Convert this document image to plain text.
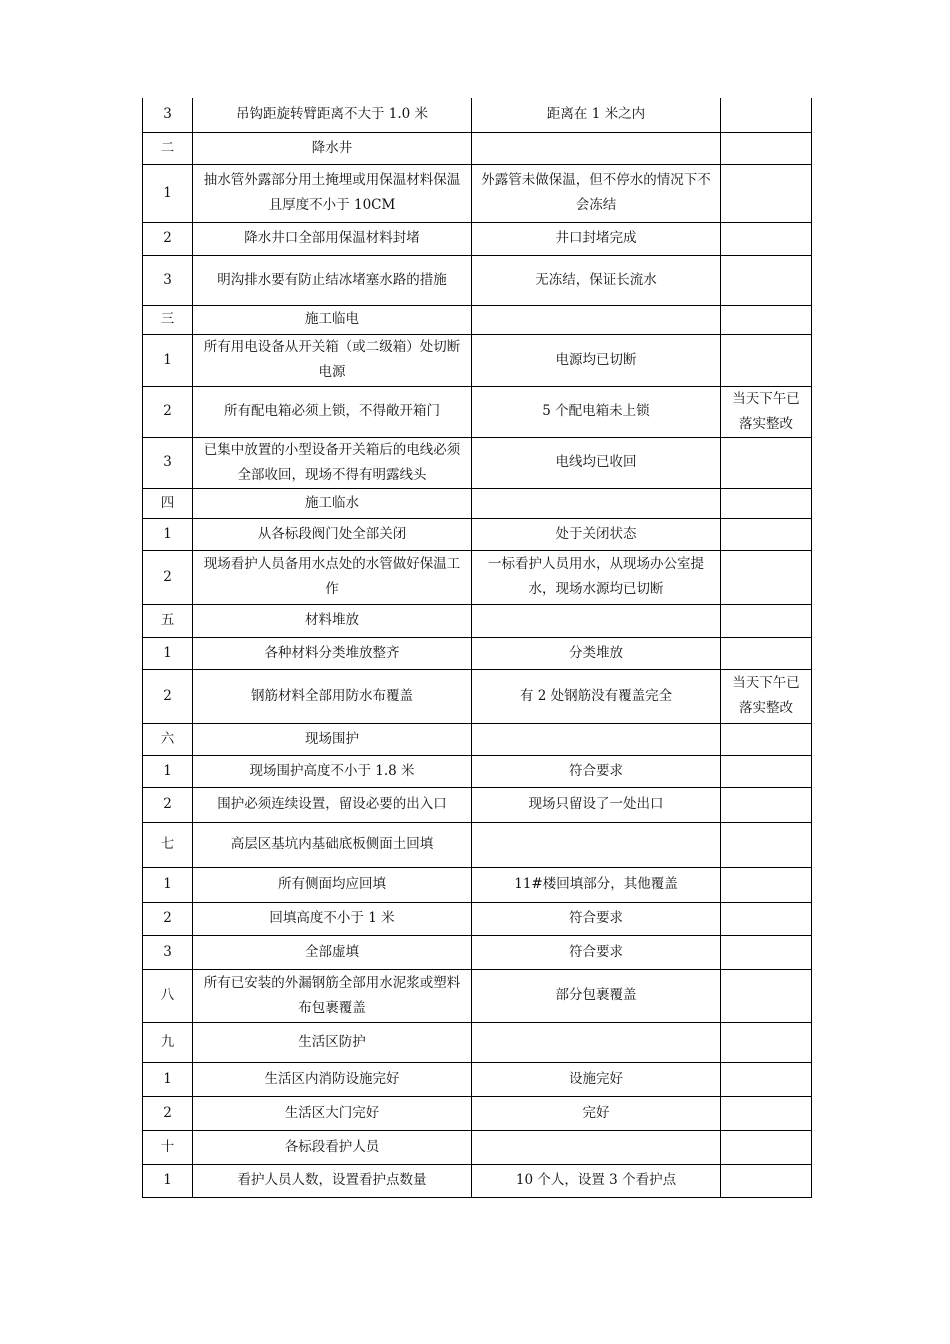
3	吊钩距旋转臂距离不大于 1.0 米	距离在 1 米之内	
二	降水井		
1	抽水管外露部分用土掩埋或用保温材料保温且厚度不小于 10CM	外露管未做保温，但不停水的情况下不会冻结	
2	降水井口全部用保温材料封堵	井口封堵完成	
3	明沟排水要有防止结冰堵塞水路的措施	无冻结，保证长流水	
三	施工临电		
1	所有用电设备从开关箱（或二级箱）处切断电源	电源均已切断	
2	所有配电箱必须上锁，不得敞开箱门	5 个配电箱未上锁	当天下午已落实整改
3	已集中放置的小型设备开关箱后的电线必须全部收回，现场不得有明露线头	电线均已收回	
四	施工临水		
1	从各标段阀门处全部关闭	处于关闭状态	
2	现场看护人员备用水点处的水管做好保温工作	一标看护人员用水，从现场办公室提水，现场水源均已切断	
五	材料堆放		
1	各种材料分类堆放整齐	分类堆放	
2	钢筋材料全部用防水布覆盖	有 2 处钢筋没有覆盖完全	当天下午已落实整改
六	现场围护		
1	现场围护高度不小于 1.8 米	符合要求	
2	围护必须连续设置，留设必要的出入口	现场只留设了一处出口	
七	高层区基坑内基础底板侧面土回填		
1	所有侧面均应回填	11#楼回填部分，其他覆盖	
2	回填高度不小于 1 米	符合要求	
3	全部虚填	符合要求	
八	所有已安装的外漏钢筋全部用水泥浆或塑料布包裹覆盖	部分包裹覆盖	
九	生活区防护		
1	生活区内消防设施完好	设施完好	
2	生活区大门完好	完好	
十	各标段看护人员		
1	看护人员人数，设置看护点数量	10 个人，设置 3 个看护点	
